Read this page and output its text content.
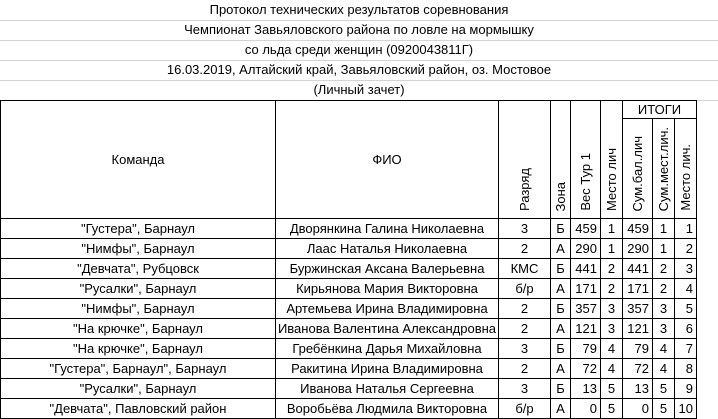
Протокол технических результатов соревнования
Чемпионат Завьяловского района по ловле на мормышку
со льда среди женщин (0920043811Г)
16.03.2019, Алтайский край, Завьяловский район, оз. Мостовое
(Личный зачет)
Команда	ФИО	Разряд	Зона	Вес Тур 1	Место лич	ИТОГИ		
						Сум.бал.лич	Сум.мест.лич.	Место лич.
"Густера", Барнаул	Дворянкина Галина Николаевна	3	Б	459	1	459	1	1
"Нимфы", Барнаул	Лаас Наталья Николаевна	2	А	290	1	290	1	2
"Девчата", Рубцовск	Буржинская Аксана Валерьевна	КМС	Б	441	2	441	2	3
"Русалки", Барнаул	Кирьянова Мария Викторовна	б/р	А	171	2	171	2	4
"Нимфы", Барнаул	Артемьева Ирина Владимировна	2	Б	357	3	357	3	5
"На крючке", Барнаул	Иванова Валентина Александровна	2	А	121	3	121	3	6
"На крючке", Барнаул	Гребёнкина Дарья Михайловна	3	Б	79	4	79	4	7
"Густера", Барнаул", Барнаул	Ракитина Ирина Владимировна	2	А	72	4	72	4	8
"Русалки", Барнаул	Иванова Наталья Сергеевна	3	Б	13	5	13	5	9
"Девчата", Павловский район	Воробьёва Людмила Викторовна	б/р	А	0	5	0	5	10
